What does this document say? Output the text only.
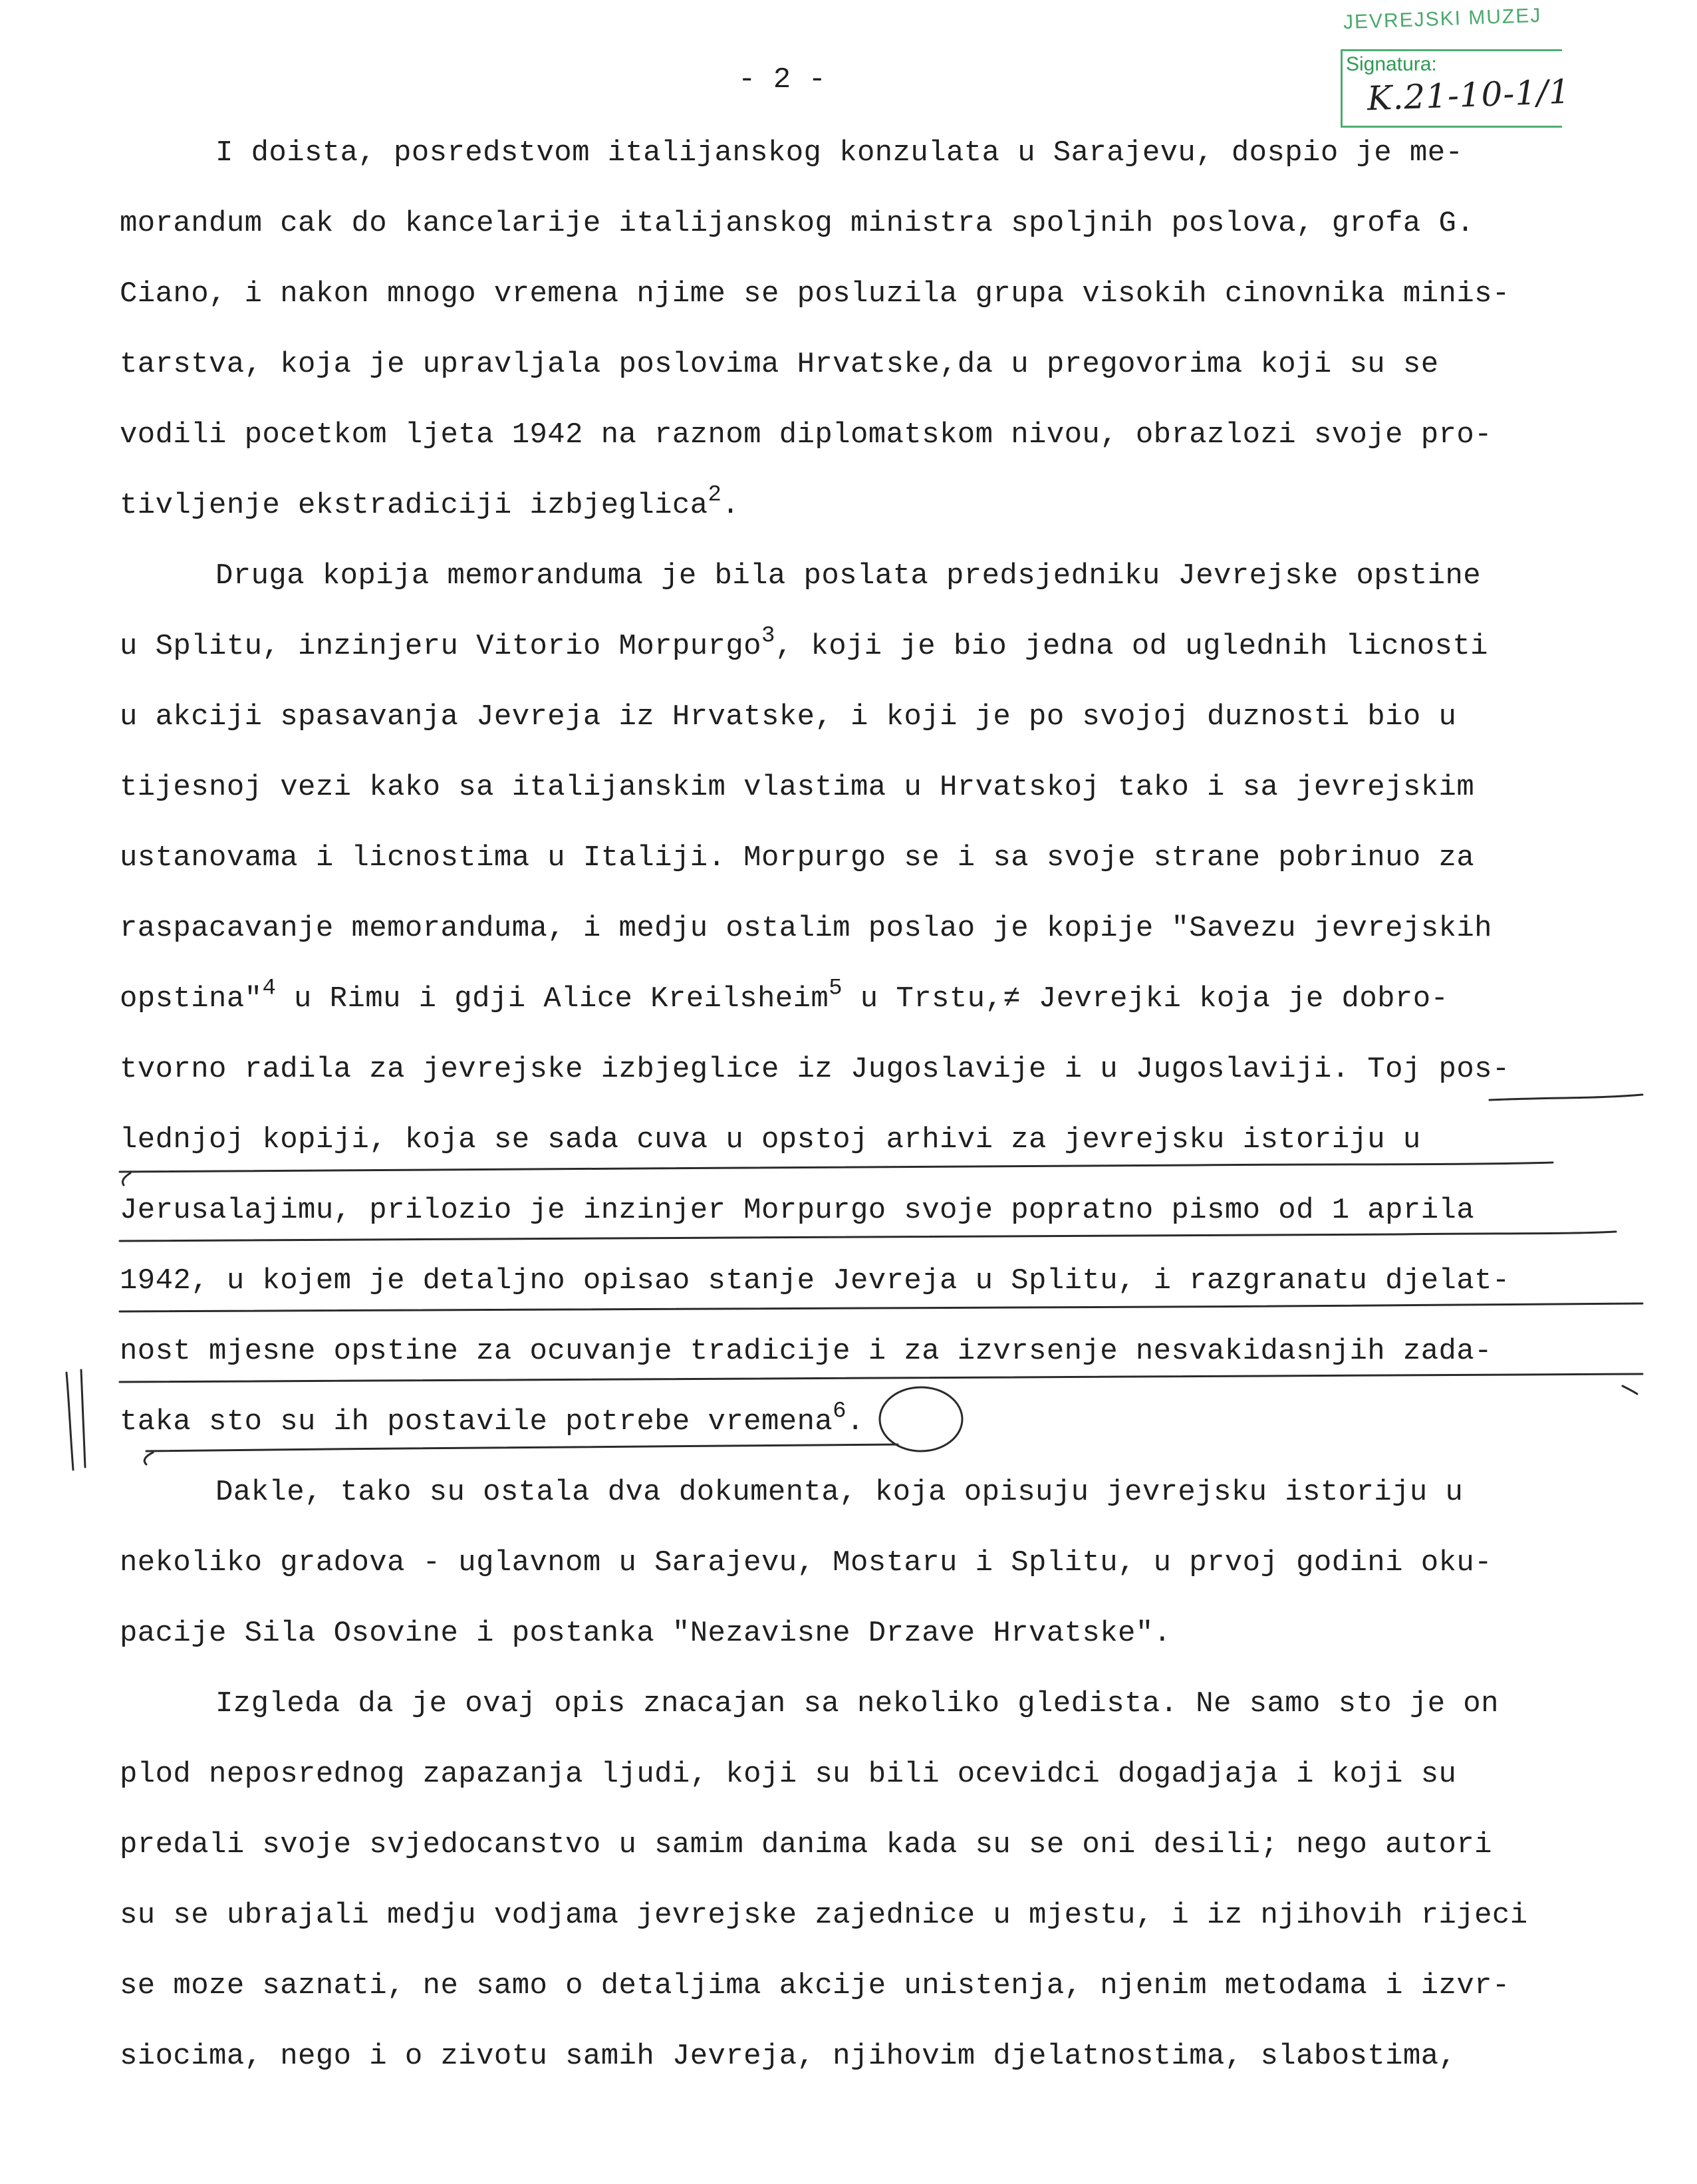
JEVREJSKI MUZEJ
Signatura:
K.21-10-1/1
- 2 -
I doista, posredstvom italijanskog konzulata u Sarajevu, dospio je me-
morandum cak do kancelarije italijanskog ministra spoljnih poslova, grofa G.
Ciano, i nakon mnogo vremena njime se posluzila grupa visokih cinovnika minis-
tarstva, koja je upravljala poslovima Hrvatske,da u pregovorima koji su se
vodili pocetkom ljeta 1942 na raznom diplomatskom nivou, obrazlozi svoje pro-
tivljenje ekstradiciji izbjeglica$^2$.
Druga kopija memoranduma je bila poslata predsjedniku Jevrejske opstine
u Splitu, inzinjeru Vitorio Morpurgo$^3$, koji je bio jedna od uglednih licnosti
u akciji spasavanja Jevreja iz Hrvatske, i koji je po svojoj duznosti bio u
tijesnoj vezi kako sa italijanskim vlastima u Hrvatskoj tako i sa jevrejskim
ustanovama i licnostima u Italiji. Morpurgo se i sa svoje strane pobrinuo za
raspacavanje memoranduma, i medju ostalim poslao je kopije "Savezu jevrejskih
opstina"$^4$ u Rimu i gdji Alice Kreilsheim$^5$ u Trstu,≠ Jevrejki koja je dobro-
tvorno radila za jevrejske izbjeglice iz Jugoslavije i u Jugoslaviji. Toj pos-
lednjoj kopiji, koja se sada cuva u opstoj arhivi za jevrejsku istoriju u
Jerusalajimu, prilozio je inzinjer Morpurgo svoje popratno pismo od 1 aprila
1942, u kojem je detaljno opisao stanje Jevreja u Splitu, i razgranatu djelat-
nost mjesne opstine za ocuvanje tradicije i za izvrsenje nesvakidasnjih zada-
taka sto su ih postavile potrebe vremena$^6$.
Dakle, tako su ostala dva dokumenta, koja opisuju jevrejsku istoriju u
nekoliko gradova - uglavnom u Sarajevu, Mostaru i Splitu, u prvoj godini oku-
pacije Sila Osovine i postanka "Nezavisne Drzave Hrvatske".
Izgleda da je ovaj opis znacajan sa nekoliko gledista. Ne samo sto je on
plod neposrednog zapazanja ljudi, koji su bili ocevidci dogadjaja i koji su
predali svoje svjedocanstvo u samim danima kada su se oni desili; nego autori
su se ubrajali medju vodjama jevrejske zajednice u mjestu, i iz njihovih rijeci
se moze saznati, ne samo o detaljima akcije unistenja, njenim metodama i izvr-
siocima, nego i o zivotu samih Jevreja, njihovim djelatnostima, slabostima,
